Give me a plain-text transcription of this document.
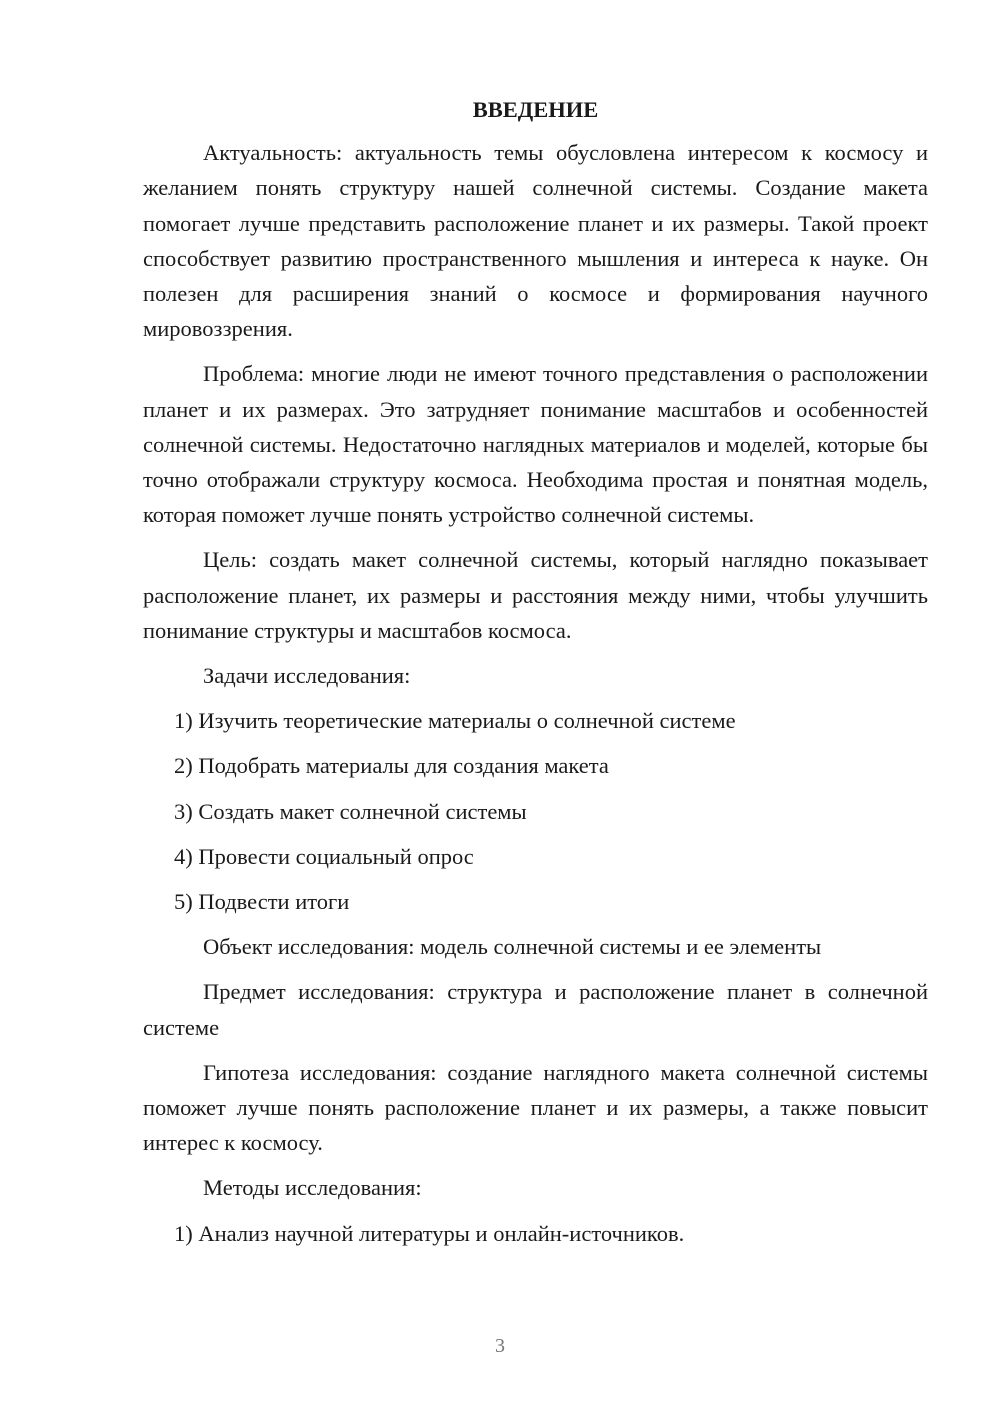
ВВЕДЕНИЕ

Актуальность: актуальность темы обусловлена интересом к космосу и желанием понять структуру нашей солнечной системы. Создание макета помогает лучше представить расположение планет и их размеры. Такой проект способствует развитию пространственного мышления и интереса к науке. Он полезен для расширения знаний о космосе и формирования научного мировоззрения.

Проблема: многие люди не имеют точного представления о расположении планет и их размерах. Это затрудняет понимание масштабов и особенностей солнечной системы. Недостаточно наглядных материалов и моделей, которые бы точно отображали структуру космоса. Необходима простая и понятная модель, которая поможет лучше понять устройство солнечной системы.

Цель: создать макет солнечной системы, который наглядно показывает расположение планет, их размеры и расстояния между ними, чтобы улучшить понимание структуры и масштабов космоса.

Задачи исследования:
1) Изучить теоретические материалы о солнечной системе
2) Подобрать материалы для создания макета
3) Создать макет солнечной системы
4) Провести социальный опрос
5) Подвести итоги
Объект исследования: модель солнечной системы и ее элементы

Предмет исследования: структура и расположение планет в солнечной системе

Гипотеза исследования: создание наглядного макета солнечной системы поможет лучше понять расположение планет и их размеры, а также повысит интерес к космосу.

Методы исследования:
1) Анализ научной литературы и онлайн-источников.
3
